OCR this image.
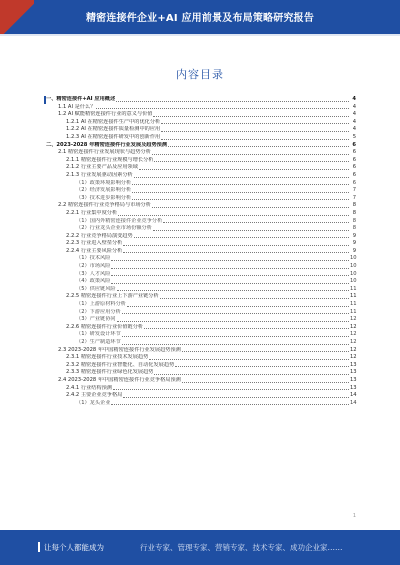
精密连接件企业+AI 应用前景及布局策略研究报告
内容目录
一、精密连接件+AI 应用概述	4
1.1 AI 是什么？	4
1.2 AI 赋能精密连接件行业的意义与价值	4
1.2.1 AI 在精密连接件生产中的优化分析	4
1.2.2 AI 在精密连接件质量检测中的应用	4
1.2.3 AI 在精密连接件研发中的创新作用	5
二、2023-2028 年精密连接件行业发展及趋势预测	6
2.1 精密连接件行业发展现状与趋势分析	6
2.1.1 精密连接件行业规模与增长分析	6
2.1.2 行业主要产品及应用领域	6
2.1.3 行业发展驱动因素分析	6
（1）政策环境影响分析	6
（2）经济发展影响分析	7
（3）技术进步影响分析	7
2.2 精密连接件行业竞争格局与市场分析	8
2.2.1 行业集中度分析	8
（1）国内外精密连接件企业竞争分析	8
（2）行业龙头企业市场份额分析	8
2.2.2 行业竞争格局演变趋势	9
2.2.3 行业进入壁垒分析	9
2.2.4 行业主要风险分析	9
（1）技术风险	10
（2）市场风险	10
（3）人才风险	10
（4）政策风险	10
（5）供应链风险	11
2.2.5 精密连接件行业上下游产业链分析	11
（1）上游原材料分析	11
（2）下游应用分析	11
（3）产业链协同	12
2.2.6 精密连接件行业价值链分析	12
（1）研发设计环节	12
（2）生产制造环节	12
2.3 2023-2028 年中国精密连接件行业发展趋势预测	12
2.3.1 精密连接件行业技术发展趋势	12
2.3.2 精密连接件行业智能化、自动化发展趋势	13
2.3.3 精密连接件行业绿色化发展趋势	13
2.4 2023-2028 年中国精密连接件行业竞争格局预测	13
2.4.1 行业结构预测	13
2.4.2 主要企业竞争格局	14
（1）龙头企业	14
1
让每个人都能成为	行业专家、管理专家、营销专家、技术专家、成功企业家……
